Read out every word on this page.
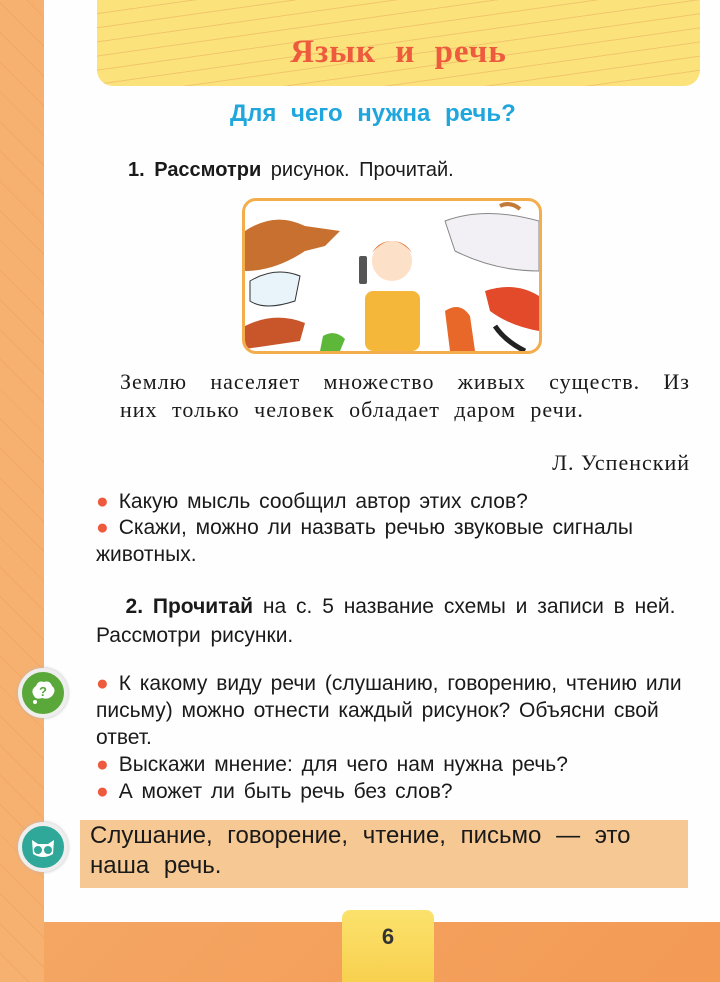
Язык и речь
Для чего нужна речь?
1. Рассмотри рисунок. Прочитай.
Землю населяет множество живых существ. Из них только человек обладает даром речи.
Л. Успенский
● Какую мысль сообщил автор этих слов?
● Скажи, можно ли назвать речью звуковые сигналы животных.
2. Прочитай на с. 5 название схемы и записи в ней. Рассмотри рисунки.
? ● К какому виду речи (слушанию, говорению, чтению или письму) можно отнести каждый рисунок? Объясни свой ответ.
● Выскажи мнение: для чего нам нужна речь?
● А может ли быть речь без слов?
Слушание, говорение, чтение, письмо — это наша речь.
6
